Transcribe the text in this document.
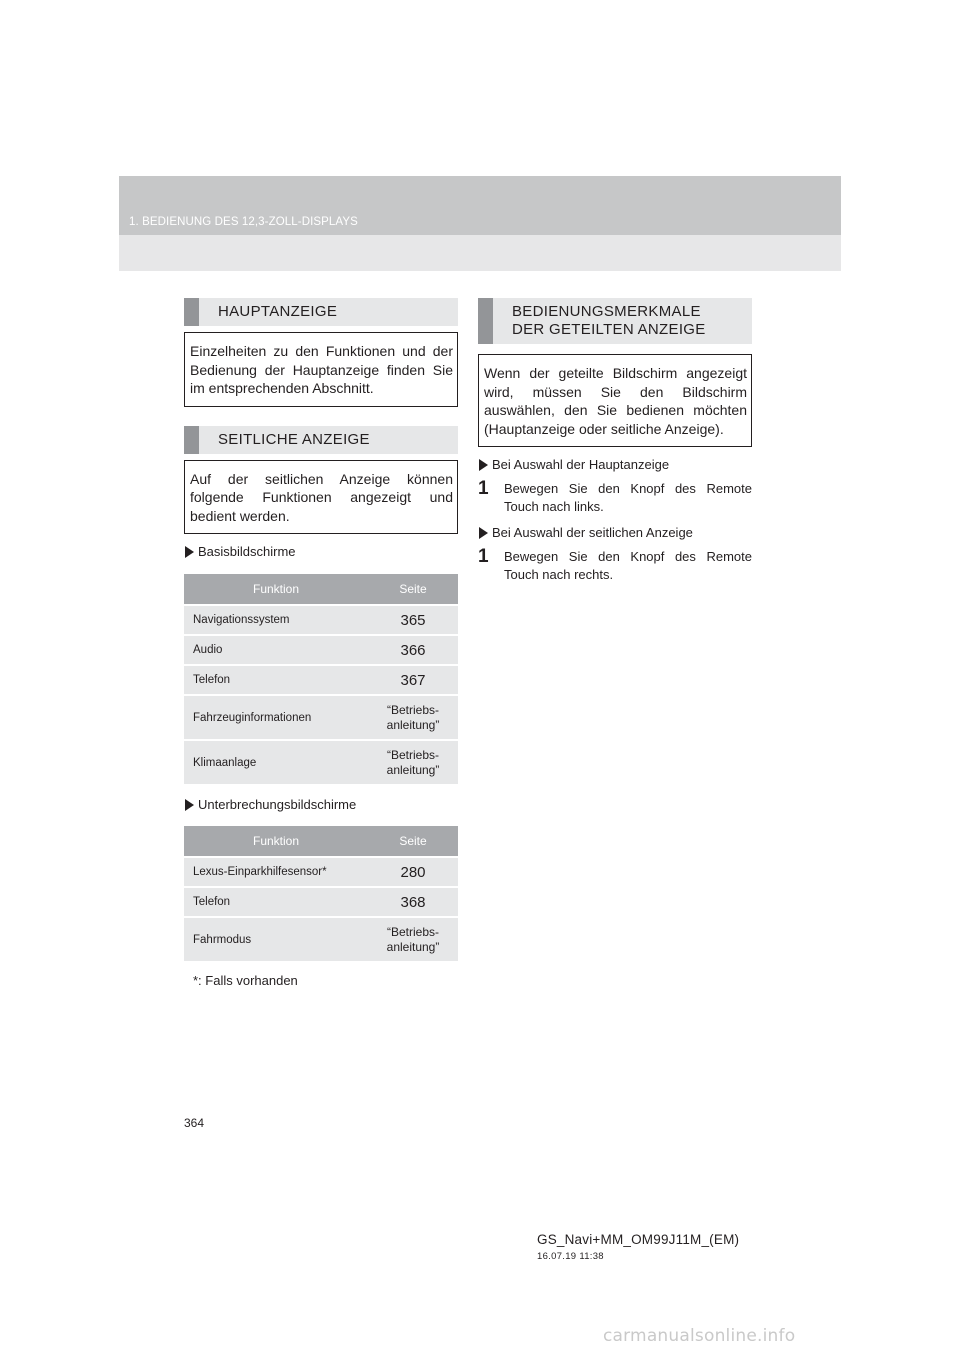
1. BEDIENUNG DES 12,3-ZOLL-DISPLAYS
HAUPTANZEIGE
Einzelheiten zu den Funktionen und der Bedienung der Hauptanzeige finden Sie im entsprechenden Abschnitt.
SEITLICHE ANZEIGE
Auf der seitlichen Anzeige können folgende Funktionen angezeigt und bedient werden.
Basisbildschirme
Funktion	Seite
Navigationssystem	365
Audio	366
Telefon	367
Fahrzeuginformationen	“Betriebs-
anleitung”
Klimaanlage	“Betriebs-
anleitung”
Unterbrechungsbildschirme
Funktion	Seite
Lexus-Einparkhilfesensor*	280
Telefon	368
Fahrmodus	“Betriebs-
anleitung”
*: Falls vorhanden
BEDIENUNGSMERKMALE
DER GETEILTEN ANZEIGE
Wenn der geteilte Bildschirm angezeigt wird, müssen Sie den Bildschirm auswählen, den Sie bedienen möchten (Hauptanzeige oder seitliche Anzeige).
Bei Auswahl der Hauptanzeige
1	Bewegen Sie den Knopf des Remote Touch nach links.
Bei Auswahl der seitlichen Anzeige
1	Bewegen Sie den Knopf des Remote Touch nach rechts.
364
GS_Navi+MM_OM99J11M_(EM)
16.07.19 11:38
carmanualsonline.info
